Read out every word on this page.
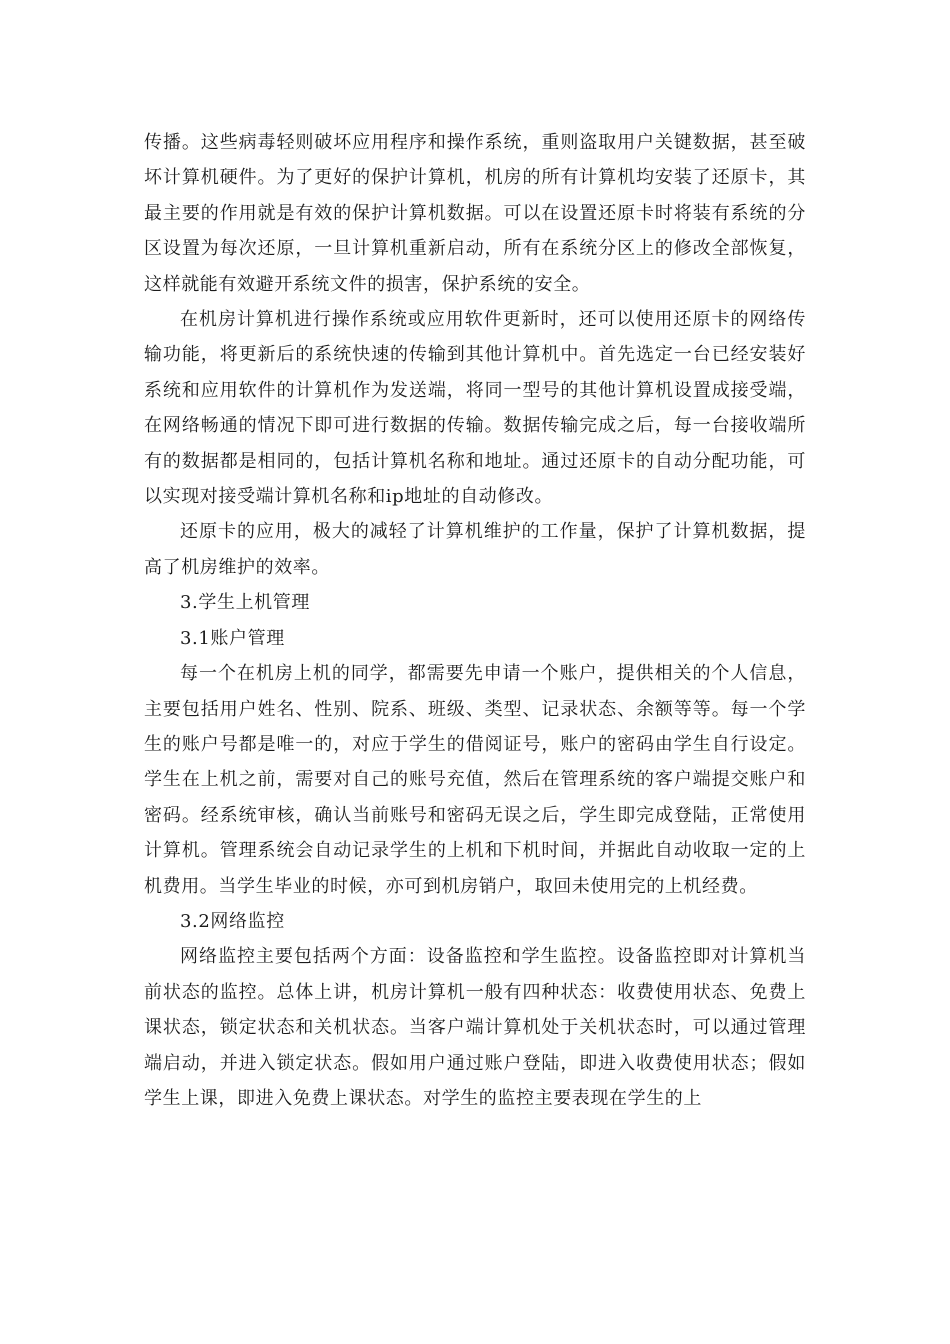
传播。这些病毒轻则破坏应用程序和操作系统，重则盗取用户关键数据，甚至破坏计算机硬件。为了更好的保护计算机，机房的所有计算机均安装了还原卡，其最主要的作用就是有效的保护计算机数据。可以在设置还原卡时将装有系统的分区设置为每次还原，一旦计算机重新启动，所有在系统分区上的修改全部恢复，这样就能有效避开系统文件的损害，保护系统的安全。

在机房计算机进行操作系统或应用软件更新时，还可以使用还原卡的网络传输功能，将更新后的系统快速的传输到其他计算机中。首先选定一台已经安装好系统和应用软件的计算机作为发送端，将同一型号的其他计算机设置成接受端，在网络畅通的情况下即可进行数据的传输。数据传输完成之后，每一台接收端所有的数据都是相同的，包括计算机名称和地址。通过还原卡的自动分配功能，可以实现对接受端计算机名称和ip地址的自动修改。

还原卡的应用，极大的减轻了计算机维护的工作量，保护了计算机数据，提高了机房维护的效率。

3.学生上机管理

3.1账户管理

每一个在机房上机的同学，都需要先申请一个账户，提供相关的个人信息，主要包括用户姓名、性别、院系、班级、类型、记录状态、余额等等。每一个学生的账户号都是唯一的，对应于学生的借阅证号，账户的密码由学生自行设定。学生在上机之前，需要对自己的账号充值，然后在管理系统的客户端提交账户和密码。经系统审核，确认当前账号和密码无误之后，学生即完成登陆，正常使用计算机。管理系统会自动记录学生的上机和下机时间，并据此自动收取一定的上机费用。当学生毕业的时候，亦可到机房销户，取回未使用完的上机经费。

3.2网络监控

网络监控主要包括两个方面：设备监控和学生监控。设备监控即对计算机当前状态的监控。总体上讲，机房计算机一般有四种状态：收费使用状态、免费上课状态，锁定状态和关机状态。当客户端计算机处于关机状态时，可以通过管理端启动，并进入锁定状态。假如用户通过账户登陆，即进入收费使用状态；假如学生上课，即进入免费上课状态。对学生的监控主要表现在学生的上
